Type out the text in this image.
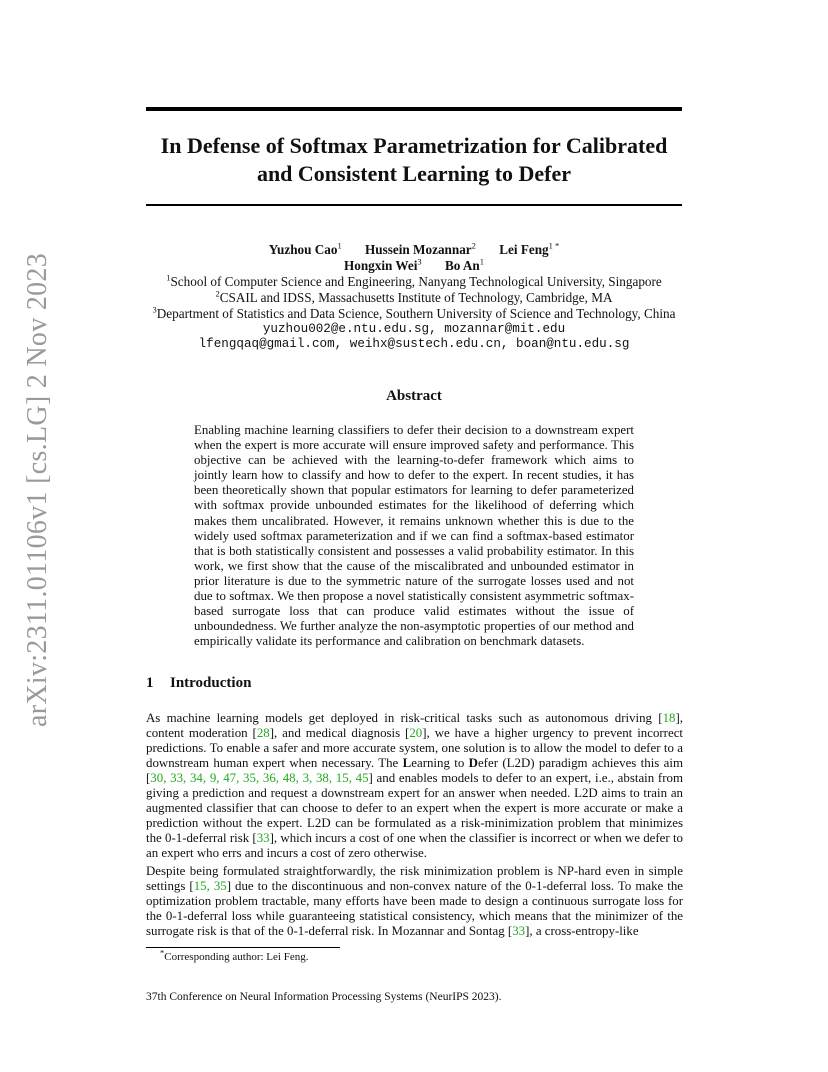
arXiv:2311.01106v1 [cs.LG] 2 Nov 2023
In Defense of Softmax Parametrization for Calibrated
and Consistent Learning to Defer
Yuzhou Cao$^1$ Hussein Mozannar$^2$ Lei Feng$^{1 *}$
Hongxin Wei$^3$ Bo An$^1$
$^1$School of Computer Science and Engineering, Nanyang Technological University, Singapore
$^2$CSAIL and IDSS, Massachusetts Institute of Technology, Cambridge, MA
$^3$Department of Statistics and Data Science, Southern University of Science and Technology, China
yuzhou002@e.ntu.edu.sg, mozannar@mit.edu
lfengqaq@gmail.com, weihx@sustech.edu.cn, boan@ntu.edu.sg
Abstract
Enabling machine learning classifiers to defer their decision to a downstream expert when the expert is more accurate will ensure improved safety and performance. This objective can be achieved with the learning-to-defer framework which aims to jointly learn how to classify and how to defer to the expert. In recent studies, it has been theoretically shown that popular estimators for learning to defer parameterized with softmax provide unbounded estimates for the likelihood of deferring which makes them uncalibrated. However, it remains unknown whether this is due to the widely used softmax parameterization and if we can find a softmax-based estimator that is both statistically consistent and possesses a valid probability estimator. In this work, we first show that the cause of the miscalibrated and unbounded estimator in prior literature is due to the symmetric nature of the surrogate losses used and not due to softmax. We then propose a novel statistically consistent asymmetric softmax-based surrogate loss that can produce valid estimates without the issue of unboundedness. We further analyze the non-asymptotic properties of our method and empirically validate its performance and calibration on benchmark datasets.
1 Introduction
As machine learning models get deployed in risk-critical tasks such as autonomous driving [18], content moderation [28], and medical diagnosis [20], we have a higher urgency to prevent incorrect predictions. To enable a safer and more accurate system, one solution is to allow the model to defer to a downstream human expert when necessary. The Learning to Defer (L2D) paradigm achieves this aim [30, 33, 34, 9, 47, 35, 36, 48, 3, 38, 15, 45] and enables models to defer to an expert, i.e., abstain from giving a prediction and request a downstream expert for an answer when needed. L2D aims to train an augmented classifier that can choose to defer to an expert when the expert is more accurate or make a prediction without the expert. L2D can be formulated as a risk-minimization problem that minimizes the 0-1-deferral risk [33], which incurs a cost of one when the classifier is incorrect or when we defer to an expert who errs and incurs a cost of zero otherwise.
Despite being formulated straightforwardly, the risk minimization problem is NP-hard even in simple settings [15, 35] due to the discontinuous and non-convex nature of the 0-1-deferral loss. To make the optimization problem tractable, many efforts have been made to design a continuous surrogate loss for the 0-1-deferral loss while guaranteeing statistical consistency, which means that the minimizer of the surrogate risk is that of the 0-1-deferral risk. In Mozannar and Sontag [33], a cross-entropy-like
*Corresponding author: Lei Feng.
37th Conference on Neural Information Processing Systems (NeurIPS 2023).
